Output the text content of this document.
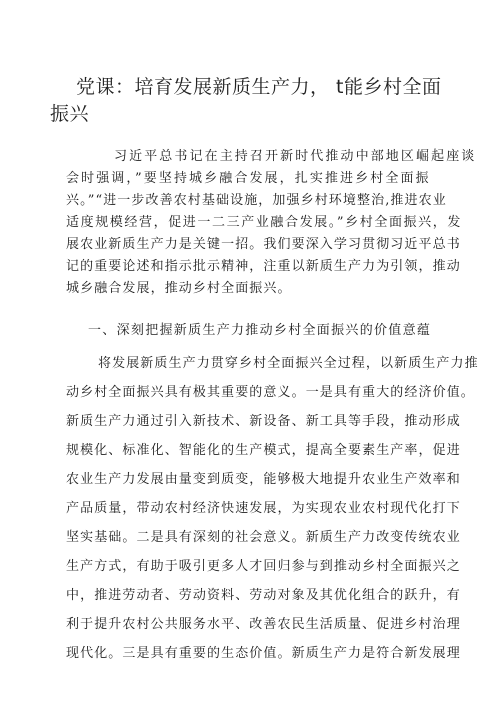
党课：培育发展新质生产力， t能乡村全面振兴
习近平总书记在主持召开新时代推动中部地区崛起座谈
会时强调，”要坚持城乡融合发展，扎实推进乡村全面振
兴。”“进一步改善农村基础设施，加强乡村环境整治,推进农业
适度规模经营，促进一二三产业融合发展。”乡村全面振兴，发
展农业新质生产力是关键一招。我们要深入学习贯彻习近平总书
记的重要论述和指示批示精神，注重以新质生产力为引领，推动
城乡融合发展，推动乡村全面振兴。
一、深刻把握新质生产力推动乡村全面振兴的价值意蕴
将发展新质生产力贯穿乡村全面振兴全过程，以新质生产力推
动乡村全面振兴具有极其重要的意义。一是具有重大的经济价值。
新质生产力通过引入新技术、新设备、新工具等手段，推动形成
规模化、标准化、智能化的生产模式，提高全要素生产率，促进
农业生产力发展由量变到质变，能够极大地提升农业生产效率和
产品质量，带动农村经济快速发展，为实现农业农村现代化打下
坚实基础。二是具有深刻的社会意义。新质生产力改变传统农业
生产方式，有助于吸引更多人才回归参与到推动乡村全面振兴之
中，推进劳动者、劳动资料、劳动对象及其优化组合的跃升，有
利于提升农村公共服务水平、改善农民生活质量、促进乡村治理
现代化。三是具有重要的生态价值。新质生产力是符合新发展理
